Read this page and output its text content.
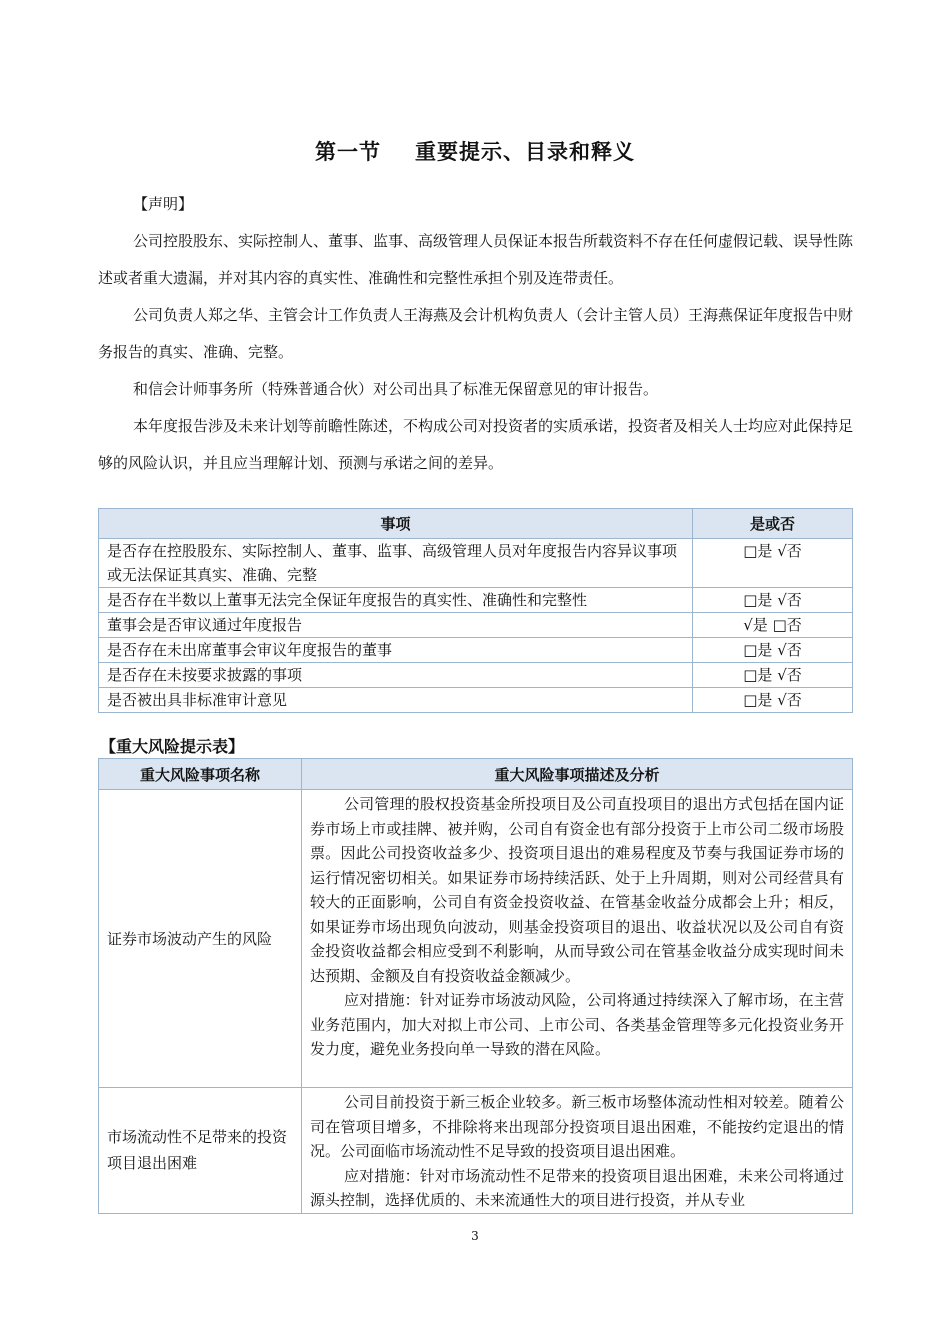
第一节 重要提示、目录和释义

【声明】

公司控股股东、实际控制人、董事、监事、高级管理人员保证本报告所载资料不存在任何虚假记载、误导性陈述或者重大遗漏，并对其内容的真实性、准确性和完整性承担个别及连带责任。

公司负责人郑之华、主管会计工作负责人王海燕及会计机构负责人（会计主管人员）王海燕保证年度报告中财务报告的真实、准确、完整。

和信会计师事务所（特殊普通合伙）对公司出具了标准无保留意见的审计报告。

本年度报告涉及未来计划等前瞻性陈述，不构成公司对投资者的实质承诺，投资者及相关人士均应对此保持足够的风险认识，并且应当理解计划、预测与承诺之间的差异。

事项	是或否
是否存在控股股东、实际控制人、董事、监事、高级管理人员对年度报告内容异议事项或无法保证其真实、准确、完整	□是 √否
是否存在半数以上董事无法完全保证年度报告的真实性、准确性和完整性	□是 √否
董事会是否审议通过年度报告	√是 □否
是否存在未出席董事会审议年度报告的董事	□是 √否
是否存在未按要求披露的事项	□是 √否
是否被出具非标准审计意见	□是 √否
【重大风险提示表】
重大风险事项名称	重大风险事项描述及分析
证券市场波动产生的风险	公司管理的股权投资基金所投项目及公司直投项目的退出方式包括在国内证券市场上市或挂牌、被并购，公司自有资金也有部分投资于上市公司二级市场股票。因此公司投资收益多少、投资项目退出的难易程度及节奏与我国证券市场的运行情况密切相关。如果证券市场持续活跃、处于上升周期，则对公司经营具有较大的正面影响，公司自有资金投资收益、在管基金收益分成都会上升；相反，如果证券市场出现负向波动，则基金投资项目的退出、收益状况以及公司自有资金投资收益都会相应受到不利影响，从而导致公司在管基金收益分成实现时间未达预期、金额及自有投资收益金额减少。

应对措施：针对证券市场波动风险，公司将通过持续深入了解市场，在主营业务范围内，加大对拟上市公司、上市公司、各类基金管理等多元化投资业务开发力度，避免业务投向单一导致的潜在风险。

市场流动性不足带来的投资项目退出困难	公司目前投资于新三板企业较多。新三板市场整体流动性相对较差。随着公司在管项目增多，不排除将来出现部分投资项目退出困难，不能按约定退出的情况。公司面临市场流动性不足导致的投资项目退出困难。

应对措施：针对市场流动性不足带来的投资项目退出困难，未来公司将通过源头控制，选择优质的、未来流通性大的项目进行投资，并从专业

3
